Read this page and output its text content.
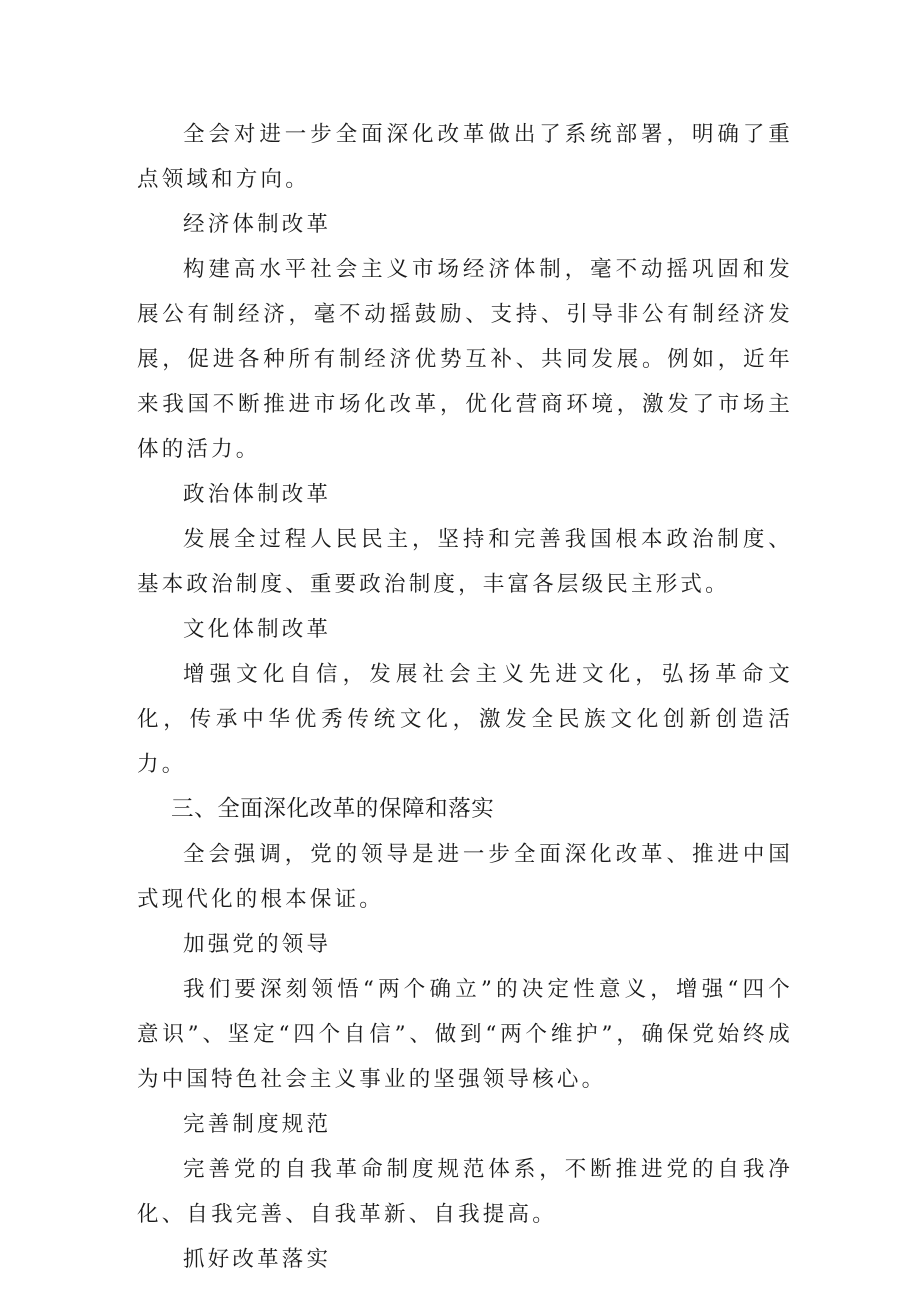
全会对进一步全面深化改革做出了系统部署，明确了重点领域和方向。

经济体制改革

构建高水平社会主义市场经济体制，毫不动摇巩固和发展公有制经济，毫不动摇鼓励、支持、引导非公有制经济发展，促进各种所有制经济优势互补、共同发展。例如，近年来我国不断推进市场化改革，优化营商环境，激发了市场主体的活力。

政治体制改革

发展全过程人民民主，坚持和完善我国根本政治制度、基本政治制度、重要政治制度，丰富各层级民主形式。

文化体制改革

增强文化自信，发展社会主义先进文化，弘扬革命文化，传承中华优秀传统文化，激发全民族文化创新创造活力。

三、全面深化改革的保障和落实

全会强调，党的领导是进一步全面深化改革、推进中国式现代化的根本保证。

加强党的领导

我们要深刻领悟“两个确立”的决定性意义，增强“四个意识”、坚定“四个自信”、做到“两个维护”，确保党始终成为中国特色社会主义事业的坚强领导核心。

完善制度规范

完善党的自我革命制度规范体系，不断推进党的自我净化、自我完善、自我革新、自我提高。

抓好改革落实
